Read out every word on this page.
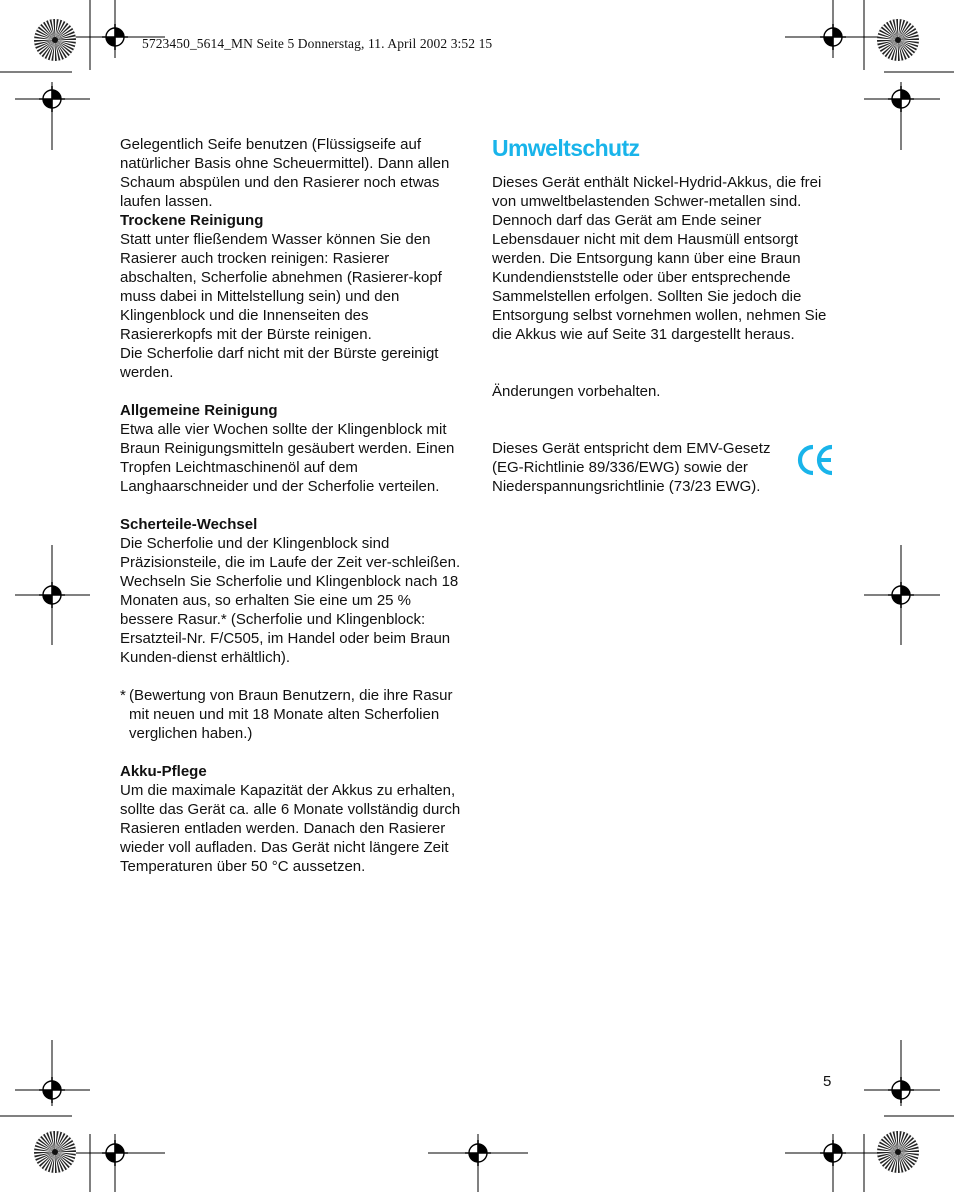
5723450_5614_MN Seite 5 Donnerstag, 11. April 2002 3:52 15

Gelegentlich Seife benutzen (Flüssigseife auf natürlicher Basis ohne Scheuermittel). Dann allen Schaum abspülen und den Rasierer noch etwas laufen lassen.

Trockene Reinigung

Statt unter fließendem Wasser können Sie den Rasierer auch trocken reinigen: Rasierer abschalten, Scherfolie abnehmen (Rasierer-kopf muss dabei in Mittelstellung sein) und den Klingenblock und die Innenseiten des Rasiererkopfs mit der Bürste reinigen.

Die Scherfolie darf nicht mit der Bürste gereinigt werden.

Allgemeine Reinigung

Etwa alle vier Wochen sollte der Klingenblock mit Braun Reinigungsmitteln gesäubert werden. Einen Tropfen Leichtmaschinenöl auf dem Langhaarschneider und der Scherfolie verteilen.

Scherteile-Wechsel

Die Scherfolie und der Klingenblock sind Präzisionsteile, die im Laufe der Zeit ver-schleißen. Wechseln Sie Scherfolie und Klingenblock nach 18 Monaten aus, so erhalten Sie eine um 25 % bessere Rasur.* (Scherfolie und Klingenblock: Ersatzteil-Nr. F/C505, im Handel oder beim Braun Kunden-dienst erhältlich).

* (Bewertung von Braun Benutzern, die ihre Rasur mit neuen und mit 18 Monate alten Scherfolien verglichen haben.)

Akku-Pflege

Um die maximale Kapazität der Akkus zu erhalten, sollte das Gerät ca. alle 6 Monate vollständig durch Rasieren entladen werden. Danach den Rasierer wieder voll aufladen. Das Gerät nicht längere Zeit Temperaturen über 50 °C aussetzen.

Umweltschutz

Dieses Gerät enthält Nickel-Hydrid-Akkus, die frei von umweltbelastenden Schwer-metallen sind. Dennoch darf das Gerät am Ende seiner Lebensdauer nicht mit dem Hausmüll entsorgt werden. Die Entsorgung kann über eine Braun Kundendienststelle oder über entsprechende Sammelstellen erfolgen. Sollten Sie jedoch die Entsorgung selbst vornehmen wollen, nehmen Sie die Akkus wie auf Seite 31 dargestellt heraus.

Änderungen vorbehalten.

Dieses Gerät entspricht dem EMV-Gesetz (EG-Richtlinie 89/336/EWG) sowie der Niederspannungsrichtlinie (73/23 EWG).

5
